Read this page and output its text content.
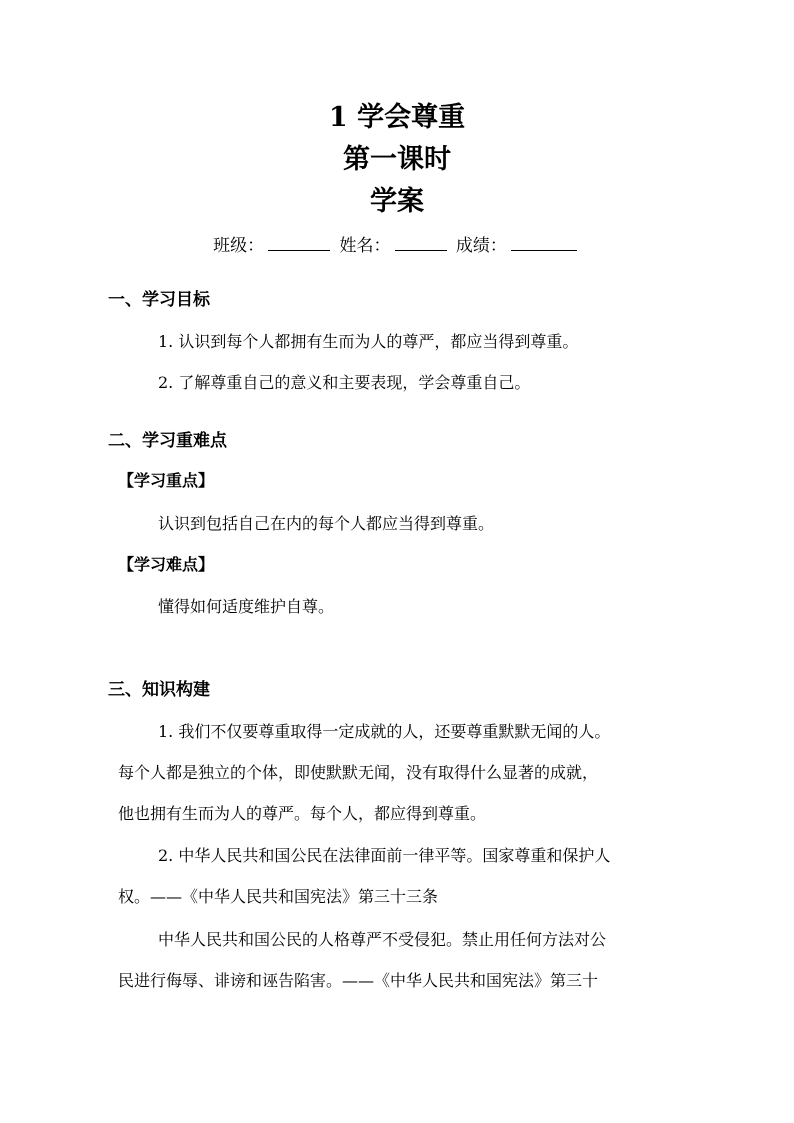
1 学会尊重
第一课时
学案
班级：	姓名：	成绩：
一、学习目标
1. 认识到每个人都拥有生而为人的尊严，都应当得到尊重。
2. 了解尊重自己的意义和主要表现，学会尊重自己。
二、学习重难点
【学习重点】
认识到包括自己在内的每个人都应当得到尊重。
【学习难点】
懂得如何适度维护自尊。
三、知识构建
1. 我们不仅要尊重取得一定成就的人，还要尊重默默无闻的人。
每个人都是独立的个体，即使默默无闻，没有取得什么显著的成就，
他也拥有生而为人的尊严。每个人，都应得到尊重。
2. 中华人民共和国公民在法律面前一律平等。国家尊重和保护人
权。——《中华人民共和国宪法》第三十三条
中华人民共和国公民的人格尊严不受侵犯。禁止用任何方法对公
民进行侮辱、诽谤和诬告陷害。——《中华人民共和国宪法》第三十
